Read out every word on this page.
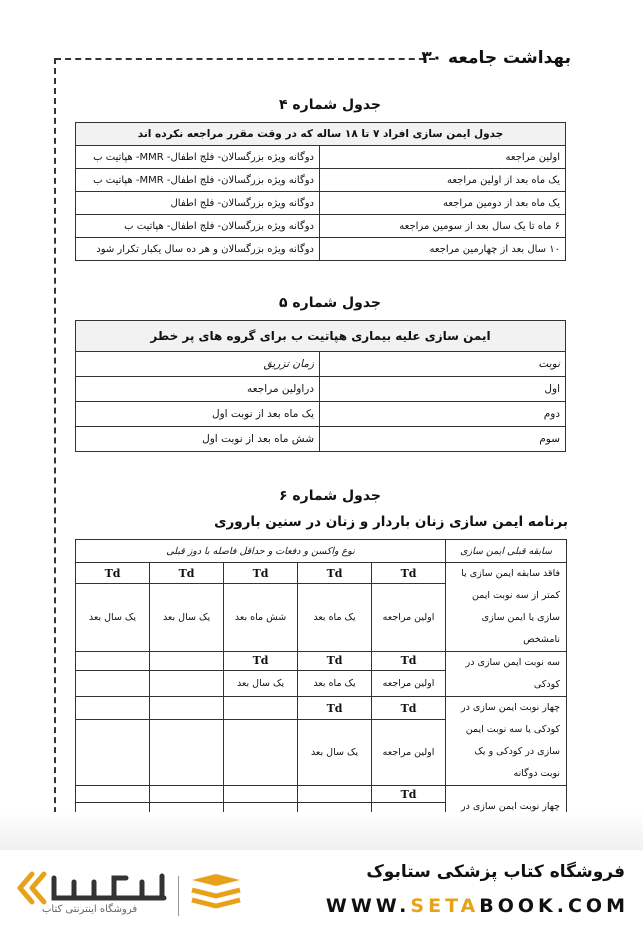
بهداشت جامعه ۳۰
جدول شماره ۴
جدول ایمن سازی افراد ۷ تا ۱۸ ساله که در وقت مقرر مراجعه نکرده اند	
اولین مراجعه	دوگانه ویژه بزرگسالان- فلج اطفال- MMR- هپاتیت ب
یک ماه بعد از اولین مراجعه	دوگانه ویژه بزرگسالان- فلج اطفال- MMR- هپاتیت ب
یک ماه بعد از دومین مراجعه	دوگانه ویژه بزرگسالان- فلج اطفال
۶ ماه تا یک سال بعد از سومین مراجعه	دوگانه ویژه بزرگسالان- فلج اطفال- هپاتیت ب
۱۰ سال بعد از چهارمین مراجعه	دوگانه ویژه بزرگسالان و هر ده سال یکبار تکرار شود
جدول شماره ۵
ایمن سازی علیه بیماری هپاتیت ب برای گروه های پر خطر	
نوبت	زمان تزریق
اول	دراولین مراجعه
دوم	یک ماه بعد از نوبت اول
سوم	شش ماه بعد از نوبت اول
جدول شماره ۶
برنامه ایمن سازی زنان باردار و زنان در سنین باروری
سابقه قبلی ایمن سازی	نوع واکسن و دفعات و حداقل فاصله با دوز قبلی				
فاقد سابقه ایمن سازی یا کمتر از سه نوبت ایمن سازی یا ایمن سازی نامشخص	Td	Td	Td	Td	Td
	اولین مراجعه	یک ماه بعد	شش ماه بعد	یک سال بعد	یک سال بعد
سه نوبت ایمن سازی در کودکی	Td	Td	Td		
	اولین مراجعه	یک ماه بعد	یک سال بعد		
چهار نوبت ایمن سازی در کودکی یا سه نوبت ایمن سازی در کودکی و یک نوبت دوگانه	Td	Td			
	اولین مراجعه	یک سال بعد			
چهار نوبت ایمن سازی در	Td				

فروشگاه اینترنتی کتاب
فروشگاه کتاب پزشکی ستابوک
WWW.SETABOOK.COM
